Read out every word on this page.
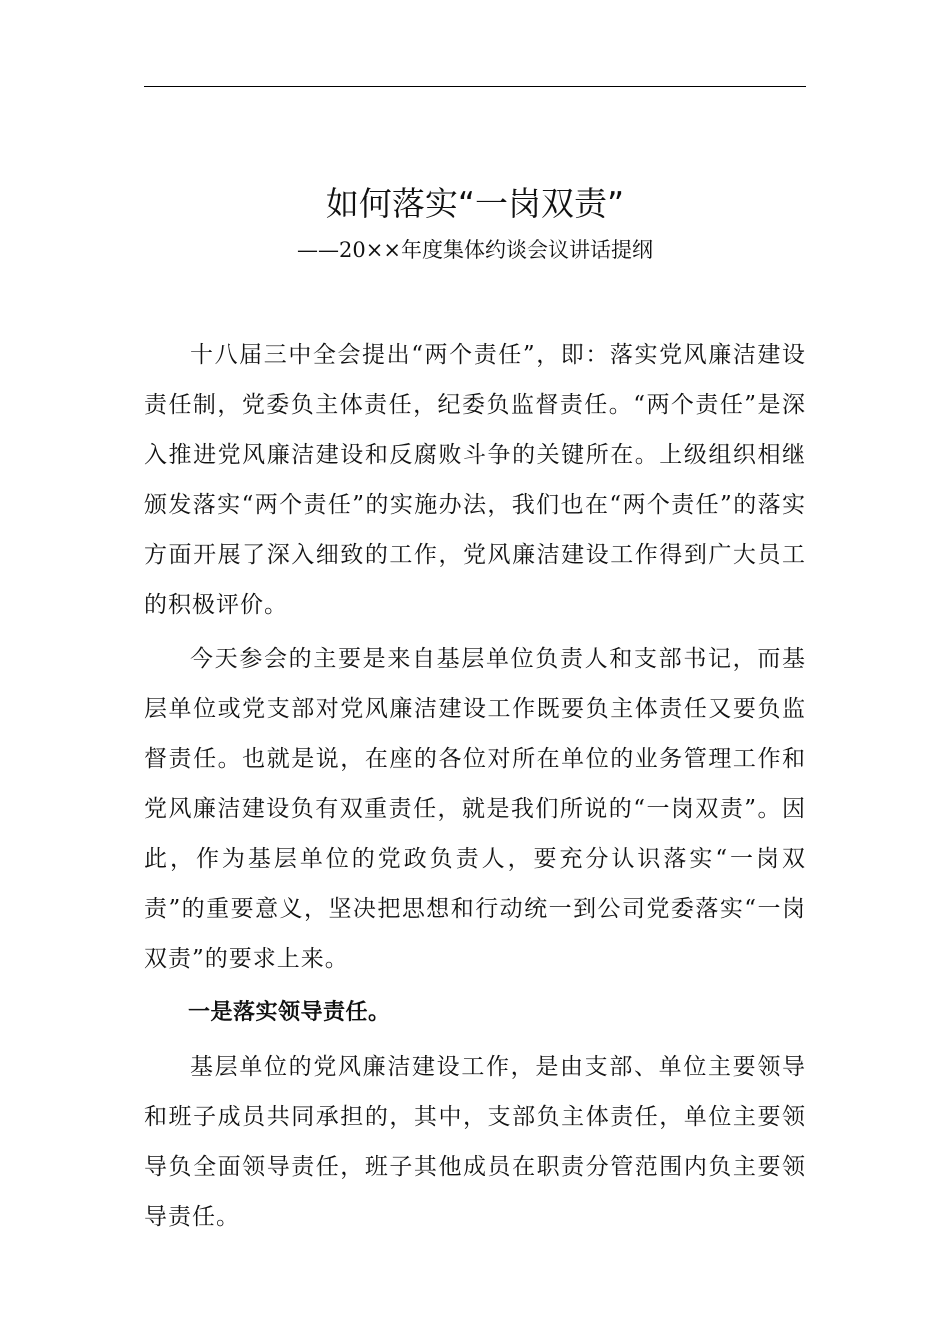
如何落实“一岗双责”

——20××年度集体约谈会议讲话提纲

十八届三中全会提出“两个责任”，即：落实党风廉洁建设责任制，党委负主体责任，纪委负监督责任。“两个责任”是深入推进党风廉洁建设和反腐败斗争的关键所在。上级组织相继颁发落实“两个责任”的实施办法，我们也在“两个责任”的落实方面开展了深入细致的工作，党风廉洁建设工作得到广大员工的积极评价。

今天参会的主要是来自基层单位负责人和支部书记，而基层单位或党支部对党风廉洁建设工作既要负主体责任又要负监督责任。也就是说，在座的各位对所在单位的业务管理工作和党风廉洁建设负有双重责任，就是我们所说的“一岗双责”。因此，作为基层单位的党政负责人，要充分认识落实“一岗双责”的重要意义，坚决把思想和行动统一到公司党委落实“一岗双责”的要求上来。

一是落实领导责任。

基层单位的党风廉洁建设工作，是由支部、单位主要领导和班子成员共同承担的，其中，支部负主体责任，单位主要领导负全面领导责任，班子其他成员在职责分管范围内负主要领导责任。
